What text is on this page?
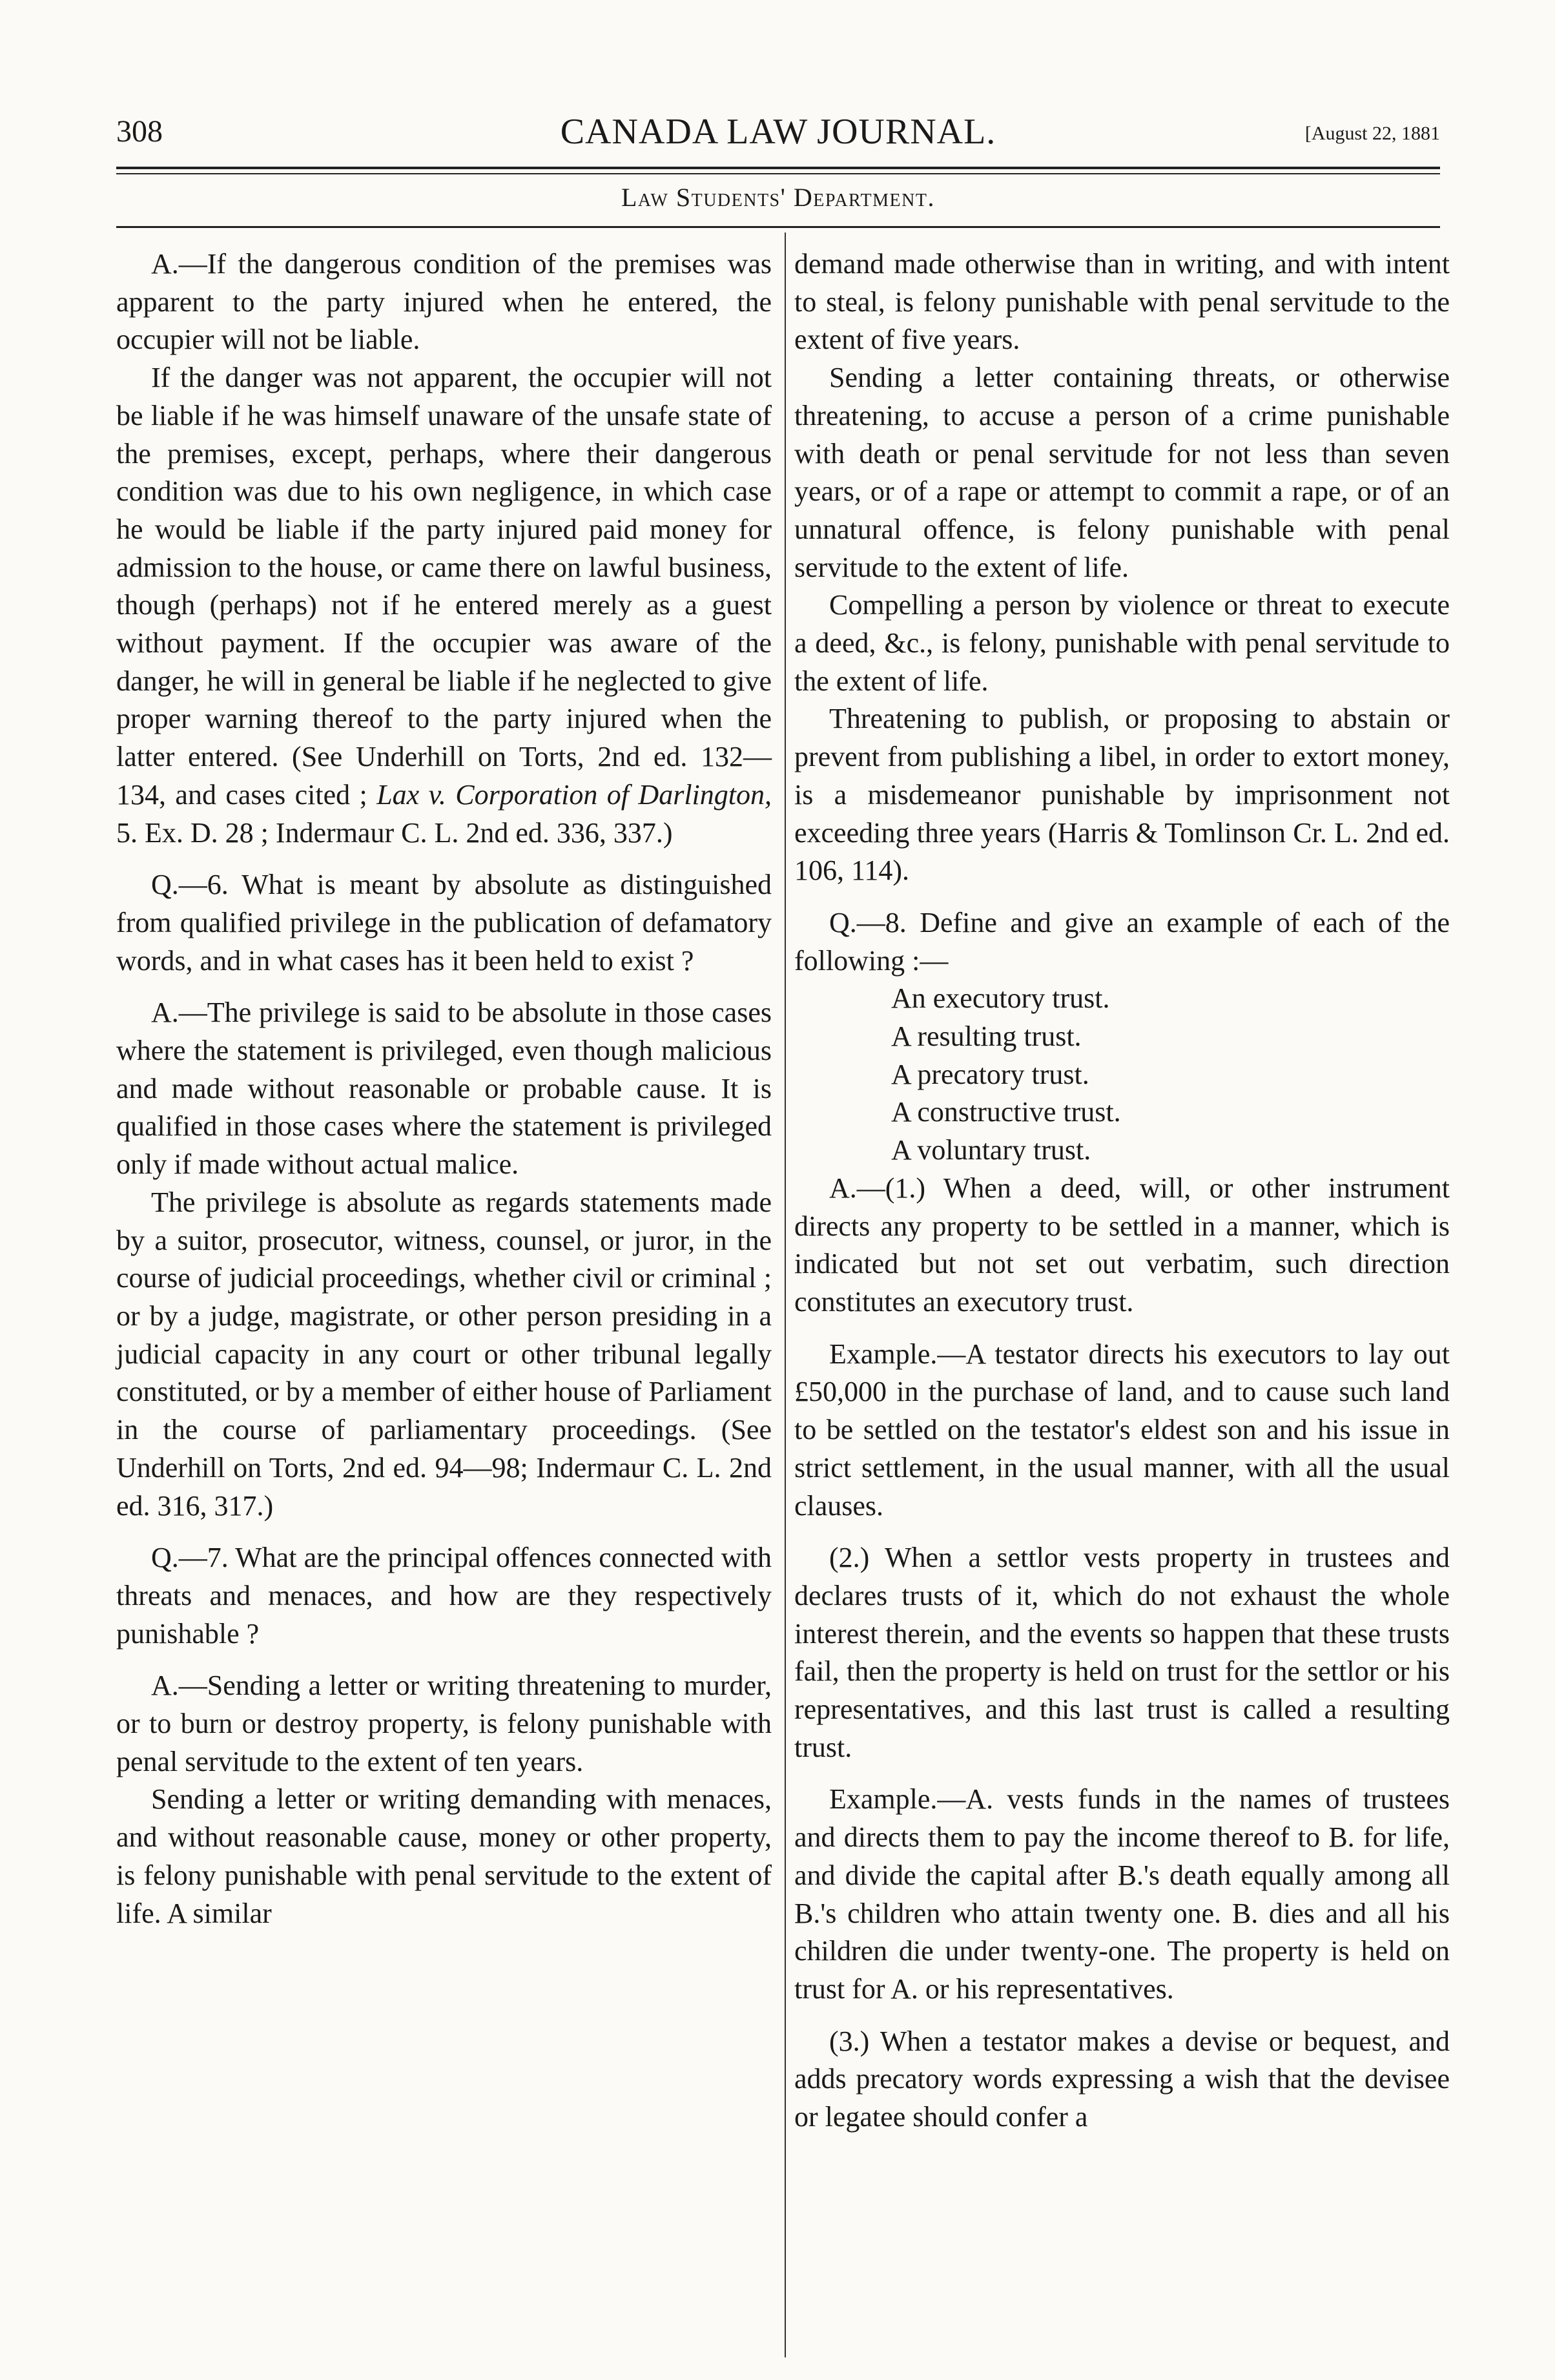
308	CANADA LAW JOURNAL.	[August 22, 1881
Law Students' Department.

A.—If the dangerous condition of the premises was apparent to the party injured when he entered, the occupier will not be liable.

If the danger was not apparent, the occupier will not be liable if he was himself unaware of the unsafe state of the premises, except, perhaps, where their dangerous condition was due to his own negligence, in which case he would be liable if the party injured paid money for admission to the house, or came there on lawful business, though (perhaps) not if he entered merely as a guest without payment. If the occupier was aware of the danger, he will in general be liable if he neglected to give proper warning thereof to the party injured when the latter entered. (See Underhill on Torts, 2nd ed. 132—134, and cases cited ; Lax v. Corporation of Darlington, 5. Ex. D. 28 ; Indermaur C. L. 2nd ed. 336, 337.)

Q.—6. What is meant by absolute as distinguished from qualified privilege in the publication of defamatory words, and in what cases has it been held to exist ?

A.—The privilege is said to be absolute in those cases where the statement is privileged, even though malicious and made without reasonable or probable cause. It is qualified in those cases where the statement is privileged only if made without actual malice.

The privilege is absolute as regards statements made by a suitor, prosecutor, witness, counsel, or juror, in the course of judicial proceedings, whether civil or criminal ; or by a judge, magistrate, or other person presiding in a judicial capacity in any court or other tribunal legally constituted, or by a member of either house of Parliament in the course of parliamentary proceedings. (See Underhill on Torts, 2nd ed. 94—98; Indermaur C. L. 2nd ed. 316, 317.)

Q.—7. What are the principal offences connected with threats and menaces, and how are they respectively punishable ?

A.—Sending a letter or writing threatening to murder, or to burn or destroy property, is felony punishable with penal servitude to the extent of ten years.

Sending a letter or writing demanding with menaces, and without reasonable cause, money or other property, is felony punishable with penal servitude to the extent of life. A similar

demand made otherwise than in writing, and with intent to steal, is felony punishable with penal servitude to the extent of five years.

Sending a letter containing threats, or otherwise threatening, to accuse a person of a crime punishable with death or penal servitude for not less than seven years, or of a rape or attempt to commit a rape, or of an unnatural offence, is felony punishable with penal servitude to the extent of life.

Compelling a person by violence or threat to execute a deed, &c., is felony, punishable with penal servitude to the extent of life.

Threatening to publish, or proposing to abstain or prevent from publishing a libel, in order to extort money, is a misdemeanor punishable by imprisonment not exceeding three years (Harris & Tomlinson Cr. L. 2nd ed. 106, 114).

Q.—8. Define and give an example of each of the following :—

An executory trust.
A resulting trust.
A precatory trust.
A constructive trust.
A voluntary trust.

A.—(1.) When a deed, will, or other instrument directs any property to be settled in a manner, which is indicated but not set out verbatim, such direction constitutes an executory trust.

Example.—A testator directs his executors to lay out £50,000 in the purchase of land, and to cause such land to be settled on the testator's eldest son and his issue in strict settlement, in the usual manner, with all the usual clauses.

(2.) When a settlor vests property in trustees and declares trusts of it, which do not exhaust the whole interest therein, and the events so happen that these trusts fail, then the property is held on trust for the settlor or his representatives, and this last trust is called a resulting trust.

Example.—A. vests funds in the names of trustees and directs them to pay the income thereof to B. for life, and divide the capital after B.'s death equally among all B.'s children who attain twenty one. B. dies and all his children die under twenty-one. The property is held on trust for A. or his representatives.

(3.) When a testator makes a devise or bequest, and adds precatory words expressing a wish that the devisee or legatee should confer a
